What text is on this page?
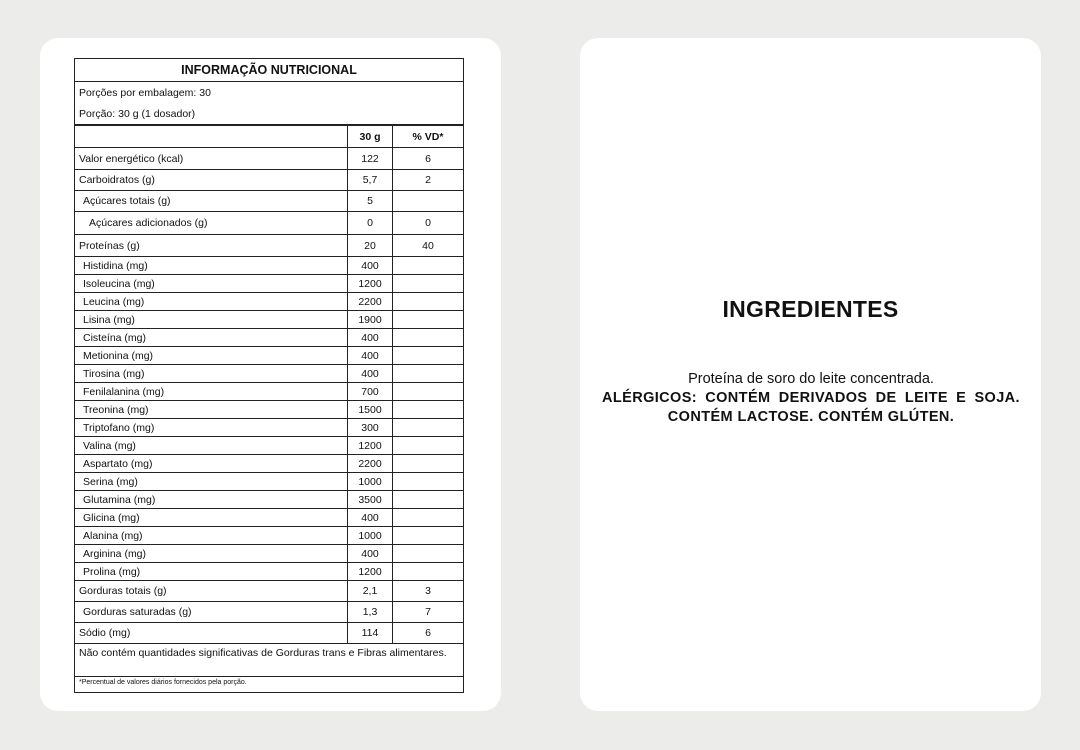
INFORMAÇÃO NUTRICIONAL
Porções por embalagem: 30
Porção: 30 g (1 dosador)
30 g	% VD*
Valor energético (kcal)	122	6
Carboidratos (g)	5,7	2
Açúcares totais (g)	5
Açúcares adicionados (g)	0	0
Proteínas (g)	20	40
Histidina (mg)	400
Isoleucina (mg)	1200
Leucina (mg)	2200
Lisina (mg)	1900
Cisteína (mg)	400
Metionina (mg)	400
Tirosina (mg)	400
Fenilalanina (mg)	700
Treonina (mg)	1500
Triptofano (mg)	300
Valina (mg)	1200
Aspartato (mg)	2200
Serina (mg)	1000
Glutamina (mg)	3500
Glicina (mg)	400
Alanina (mg)	1000
Arginina (mg)	400
Prolina (mg)	1200
Gorduras totais (g)	2,1	3
Gorduras saturadas (g)	1,3	7
Sódio (mg)	114	6
Não contém quantidades significativas de Gorduras trans e Fibras alimentares.
*Percentual de valores diários fornecidos pela porção.
INGREDIENTES
Proteína de soro do leite concentrada.
ALÉRGICOS: CONTÉM DERIVADOS DE LEITE E SOJA. CONTÉM LACTOSE. CONTÉM GLÚTEN.
